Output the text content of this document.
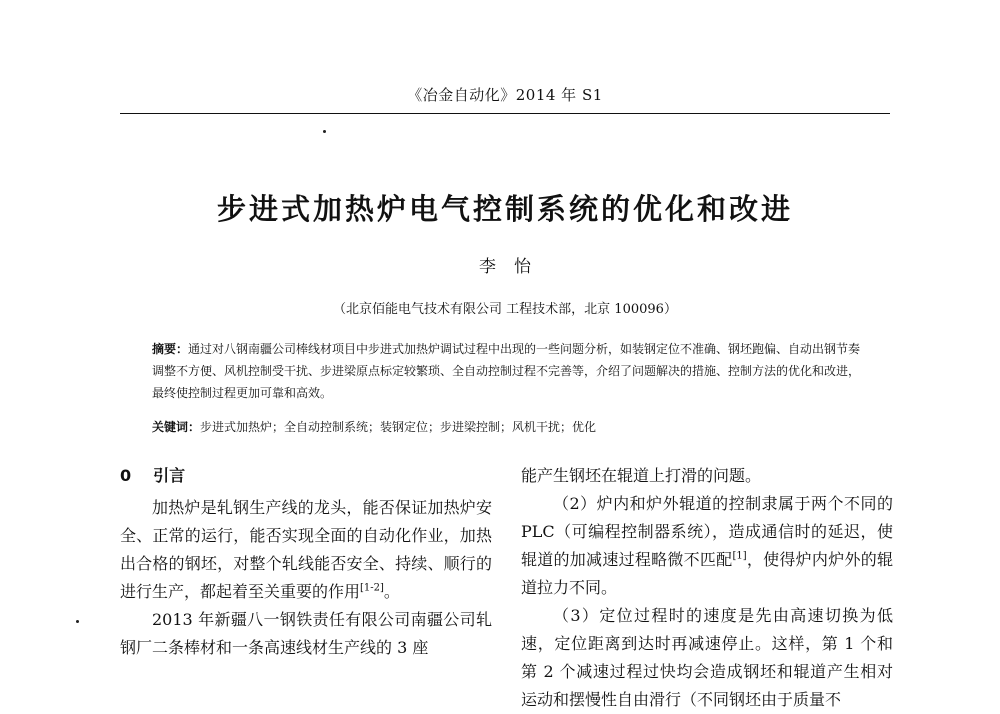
《冶金自动化》2014 年 S1
步进式加热炉电气控制系统的优化和改进
李怡
（北京佰能电气技术有限公司 工程技术部，北京 100096）
摘要：通过对八钢南疆公司棒线材项目中步进式加热炉调试过程中出现的一些问题分析，如装钢定位不准确、钢坯跑偏、自动出钢节奏调整不方便、风机控制受干扰、步进梁原点标定较繁琐、全自动控制过程不完善等，介绍了问题解决的措施、控制方法的优化和改进，最终使控制过程更加可靠和高效。
关键词：步进式加热炉；全自动控制系统；装钢定位；步进梁控制；风机干扰；优化
0 引言

加热炉是轧钢生产线的龙头，能否保证加热炉安全、正常的运行，能否实现全面的自动化作业，加热出合格的钢坯，对整个轧线能否安全、持续、顺行的进行生产，都起着至关重要的作用[1-2]。

2013 年新疆八一钢铁责任有限公司南疆公司轧钢厂二条棒材和一条高速线材生产线的 3 座

能产生钢坯在辊道上打滑的问题。

（2）炉内和炉外辊道的控制隶属于两个不同的 PLC（可编程控制器系统），造成通信时的延迟，使辊道的加减速过程略微不匹配[1]，使得炉内炉外的辊道拉力不同。

（3）定位过程时的速度是先由高速切换为低速，定位距离到达时再减速停止。这样，第 1 个和第 2 个减速过程过快均会造成钢坯和辊道产生相对运动和摆慢性自由滑行（不同钢坯由于质量不
